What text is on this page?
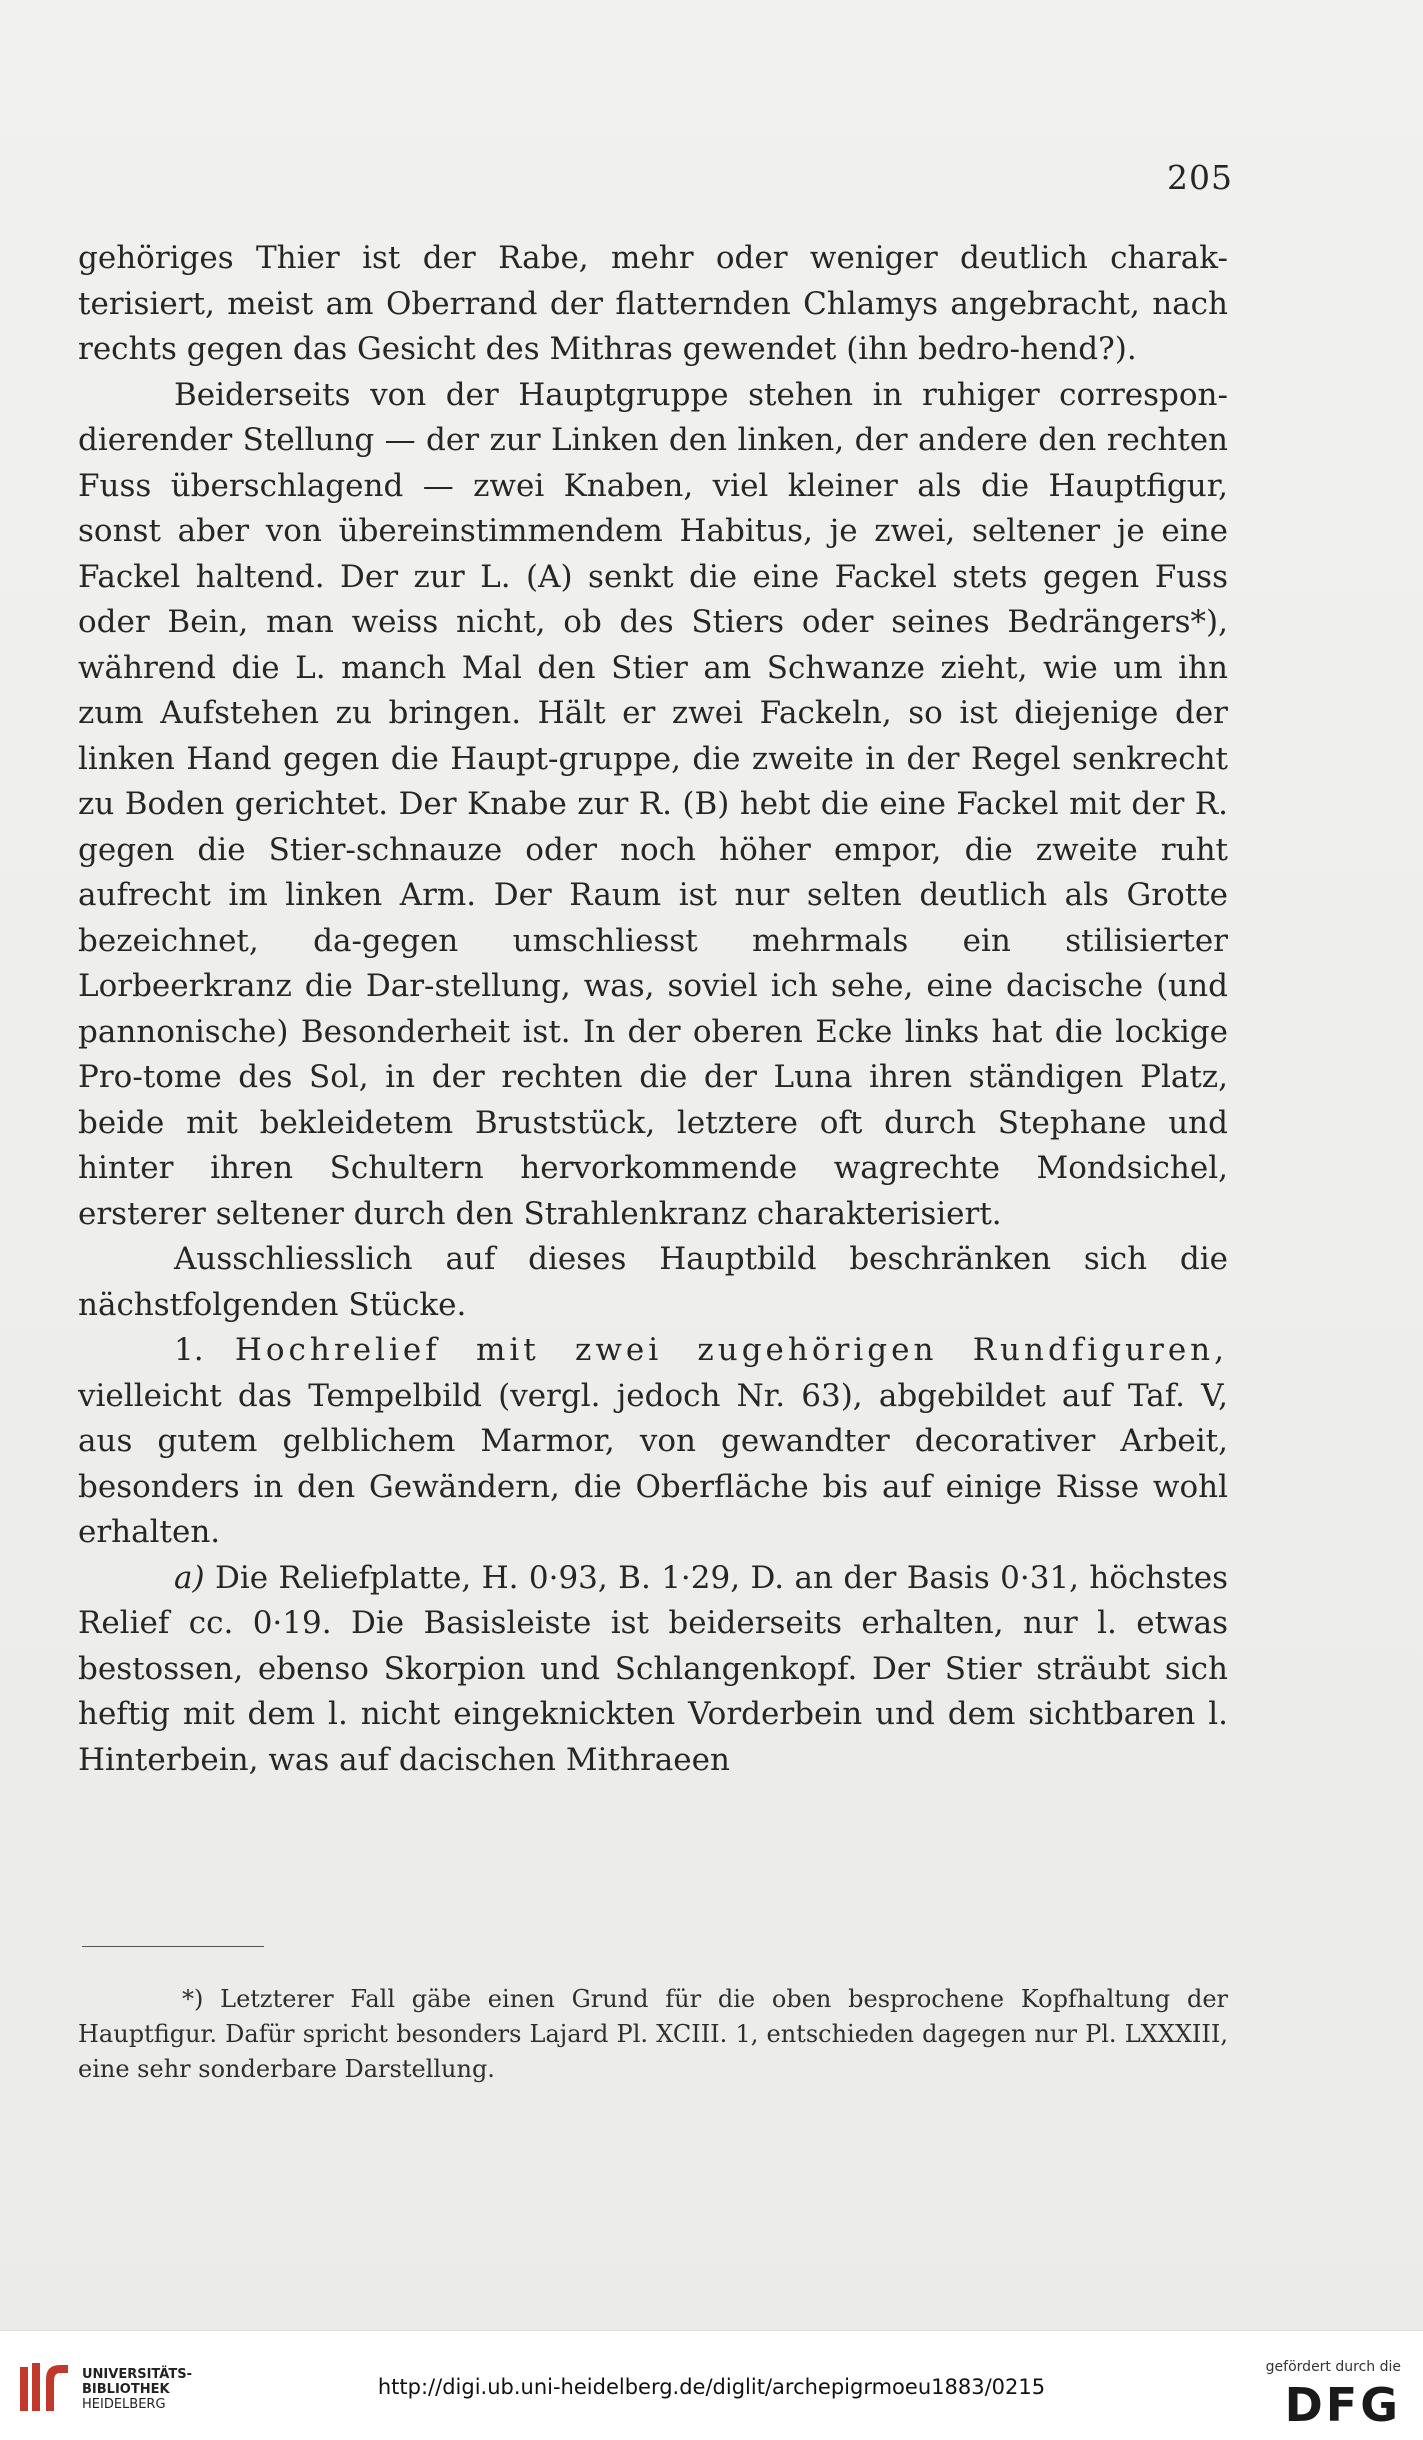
205

gehöriges Thier ist der Rabe, mehr oder weniger deutlich charak-terisiert, meist am Oberrand der flatternden Chlamys angebracht, nach rechts gegen das Gesicht des Mithras gewendet (ihn bedro-hend?).

Beiderseits von der Hauptgruppe stehen in ruhiger correspon-dierender Stellung — der zur Linken den linken, der andere den rechten Fuss überschlagend — zwei Knaben, viel kleiner als die Hauptfigur, sonst aber von übereinstimmendem Habitus, je zwei, seltener je eine Fackel haltend. Der zur L. (A) senkt die eine Fackel stets gegen Fuss oder Bein, man weiss nicht, ob des Stiers oder seines Bedrängers*), während die L. manch Mal den Stier am Schwanze zieht, wie um ihn zum Aufstehen zu bringen. Hält er zwei Fackeln, so ist diejenige der linken Hand gegen die Haupt-gruppe, die zweite in der Regel senkrecht zu Boden gerichtet. Der Knabe zur R. (B) hebt die eine Fackel mit der R. gegen die Stier-schnauze oder noch höher empor, die zweite ruht aufrecht im linken Arm. Der Raum ist nur selten deutlich als Grotte bezeichnet, da-gegen umschliesst mehrmals ein stilisierter Lorbeerkranz die Dar-stellung, was, soviel ich sehe, eine dacische (und pannonische) Besonderheit ist. In der oberen Ecke links hat die lockige Pro-tome des Sol, in der rechten die der Luna ihren ständigen Platz, beide mit bekleidetem Bruststück, letztere oft durch Stephane und hinter ihren Schultern hervorkommende wagrechte Mondsichel, ersterer seltener durch den Strahlenkranz charakterisiert.

Ausschliesslich auf dieses Hauptbild beschränken sich die nächstfolgenden Stücke.

1. Hochrelief mit zwei zugehörigen Rundfiguren, vielleicht das Tempelbild (vergl. jedoch Nr. 63), abgebildet auf Taf. V, aus gutem gelblichem Marmor, von gewandter decorativer Arbeit, besonders in den Gewändern, die Oberfläche bis auf einige Risse wohl erhalten.

a) Die Reliefplatte, H. 0·93, B. 1·29, D. an der Basis 0·31, höchstes Relief cc. 0·19. Die Basisleiste ist beiderseits erhalten, nur l. etwas bestossen, ebenso Skorpion und Schlangenkopf. Der Stier sträubt sich heftig mit dem l. nicht eingeknickten Vorderbein und dem sichtbaren l. Hinterbein, was auf dacischen Mithraeen

*) Letzterer Fall gäbe einen Grund für die oben besprochene Kopfhaltung der Hauptfigur. Dafür spricht besonders Lajard Pl. XCIII. 1, entschieden dagegen nur Pl. LXXXIII, eine sehr sonderbare Darstellung.

UNIVERSITÄTS-
BIBLIOTHEK
HEIDELBERG
http://digi.ub.uni-heidelberg.de/diglit/archepigrmoeu1883/0215
gefördert durch die
DFG
